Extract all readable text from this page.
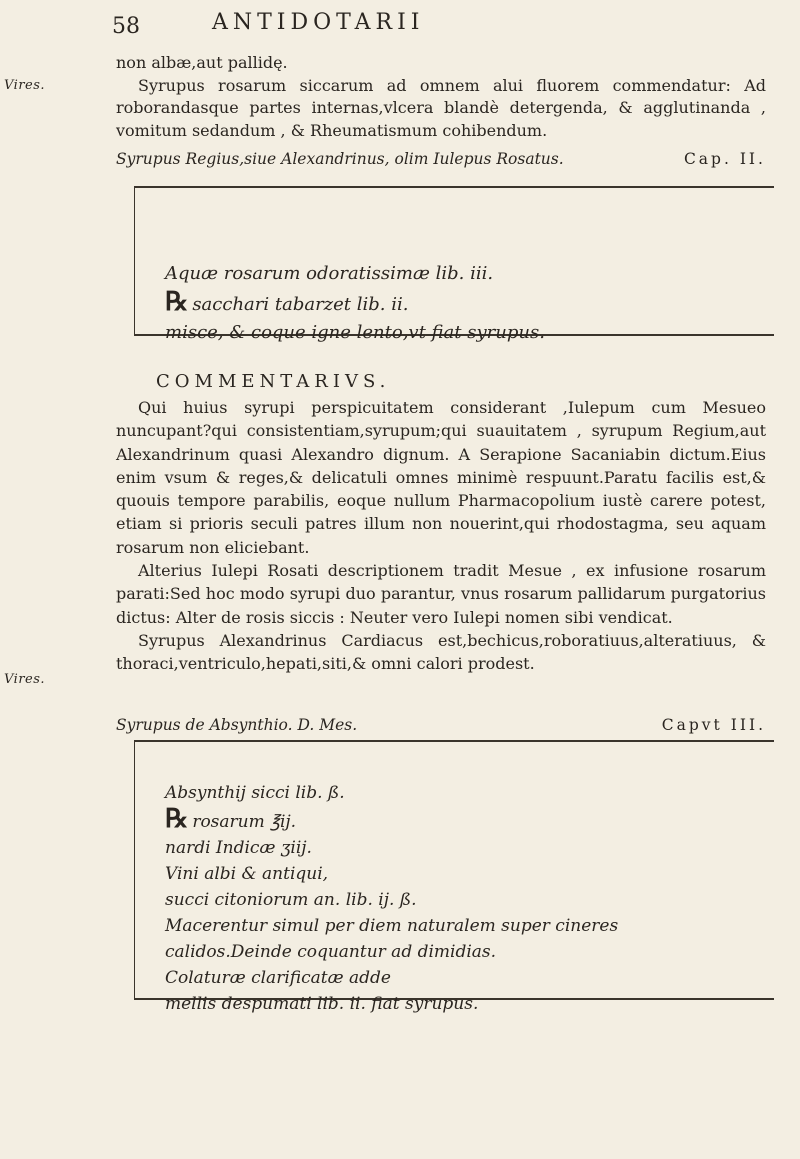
58	ANTIDOTARII
Vires.
Vires.

non albæ,aut pallidę.

Syrupus rosarum siccarum ad omnem alui fluorem commendatur: Ad roborandasque partes internas,vlcera blandè detergenda, & agglutinanda , vomitum sedandum , & Rheumatismum cohibendum.

Syrupus Regius,siue Alexandrinus, olim Iulepus Rosatus.	Cap. II.

Aquæ rosarum odoratissimæ lib. iii.

℞ sacchari tabarzet lib. ii.

misce, & coque igne lento,vt fiat syrupus.

COMMENTARIVS.

Qui huius syrupi perspicuitatem considerant ,Iulepum cum Mesueo nuncupant?qui consistentiam,syrupum;qui suauitatem , syrupum Regium,aut Alexandrinum quasi Alexandro dignum. A Serapione Sacaniabin dictum.Eius enim vsum & reges,& delicatuli omnes minimè respuunt.Paratu facilis est,& quouis tempore parabilis, eoque nullum Pharmacopolium iustè carere potest, etiam si prioris seculi patres illum non nouerint,qui rhodostagma, seu aquam rosarum non eliciebant.

Alterius Iulepi Rosati descriptionem tradit Mesue , ex infusione rosarum parati:Sed hoc modo syrupi duo parantur, vnus rosarum pallidarum purgatorius dictus: Alter de rosis siccis : Neuter vero Iulepi nomen sibi vendicat.

Syrupus Alexandrinus Cardiacus est,bechicus,roboratiuus,alteratiuus, & thoraci,ventriculo,hepati,siti,& omni calori prodest.

Syrupus de Absynthio. D. Mes.	Capvt III.

Absynthij sicci lib. ß.

℞ rosarum ℥ij.

nardi Indicæ ʒiij.

Vini albi & antiqui,

succi citoniorum an. lib. ij. ß.

Macerentur simul per diem naturalem super cineres

calidos.Deinde coquantur ad dimidias.

Colaturæ clarificatæ adde

mellis despumati lib. ii. fiat syrupus.
